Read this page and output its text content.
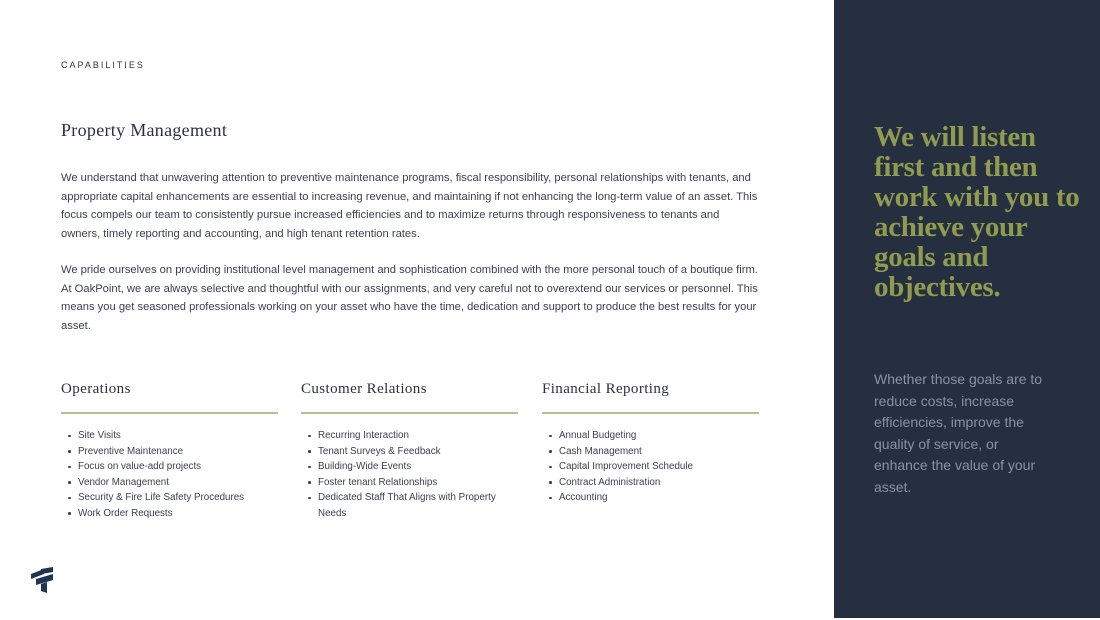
CAPABILITIES
Property Management

We understand that unwavering attention to preventive maintenance programs, fiscal responsibility, personal relationships with tenants, and appropriate capital enhancements are essential to increasing revenue, and maintaining if not enhancing the long-term value of an asset. This focus compels our team to consistently pursue increased efficiencies and to maximize returns through responsiveness to tenants and owners, timely reporting and accounting, and high tenant retention rates.

We pride ourselves on providing institutional level management and sophistication combined with the more personal touch of a boutique firm. At OakPoint, we are always selective and thoughtful with our assignments, and very careful not to overextend our services or personnel. This means you get seasoned professionals working on your asset who have the time, dedication and support to produce the best results for your asset.

Operations
Site Visits
Preventive Maintenance
Focus on value-add projects
Vendor Management
Security & Fire Life Safety Procedures
Work Order Requests
Customer Relations
Recurring Interaction
Tenant Surveys & Feedback
Building-Wide Events
Foster tenant Relationships
Dedicated Staff That Aligns with Property Needs
Financial Reporting
Annual Budgeting
Cash Management
Capital Improvement Schedule
Contract Administration
Accounting

We will listen first and then work with you to achieve your goals and objectives.

Whether those goals are to reduce costs, increase efficiencies, improve the quality of service, or enhance the value of your asset.
